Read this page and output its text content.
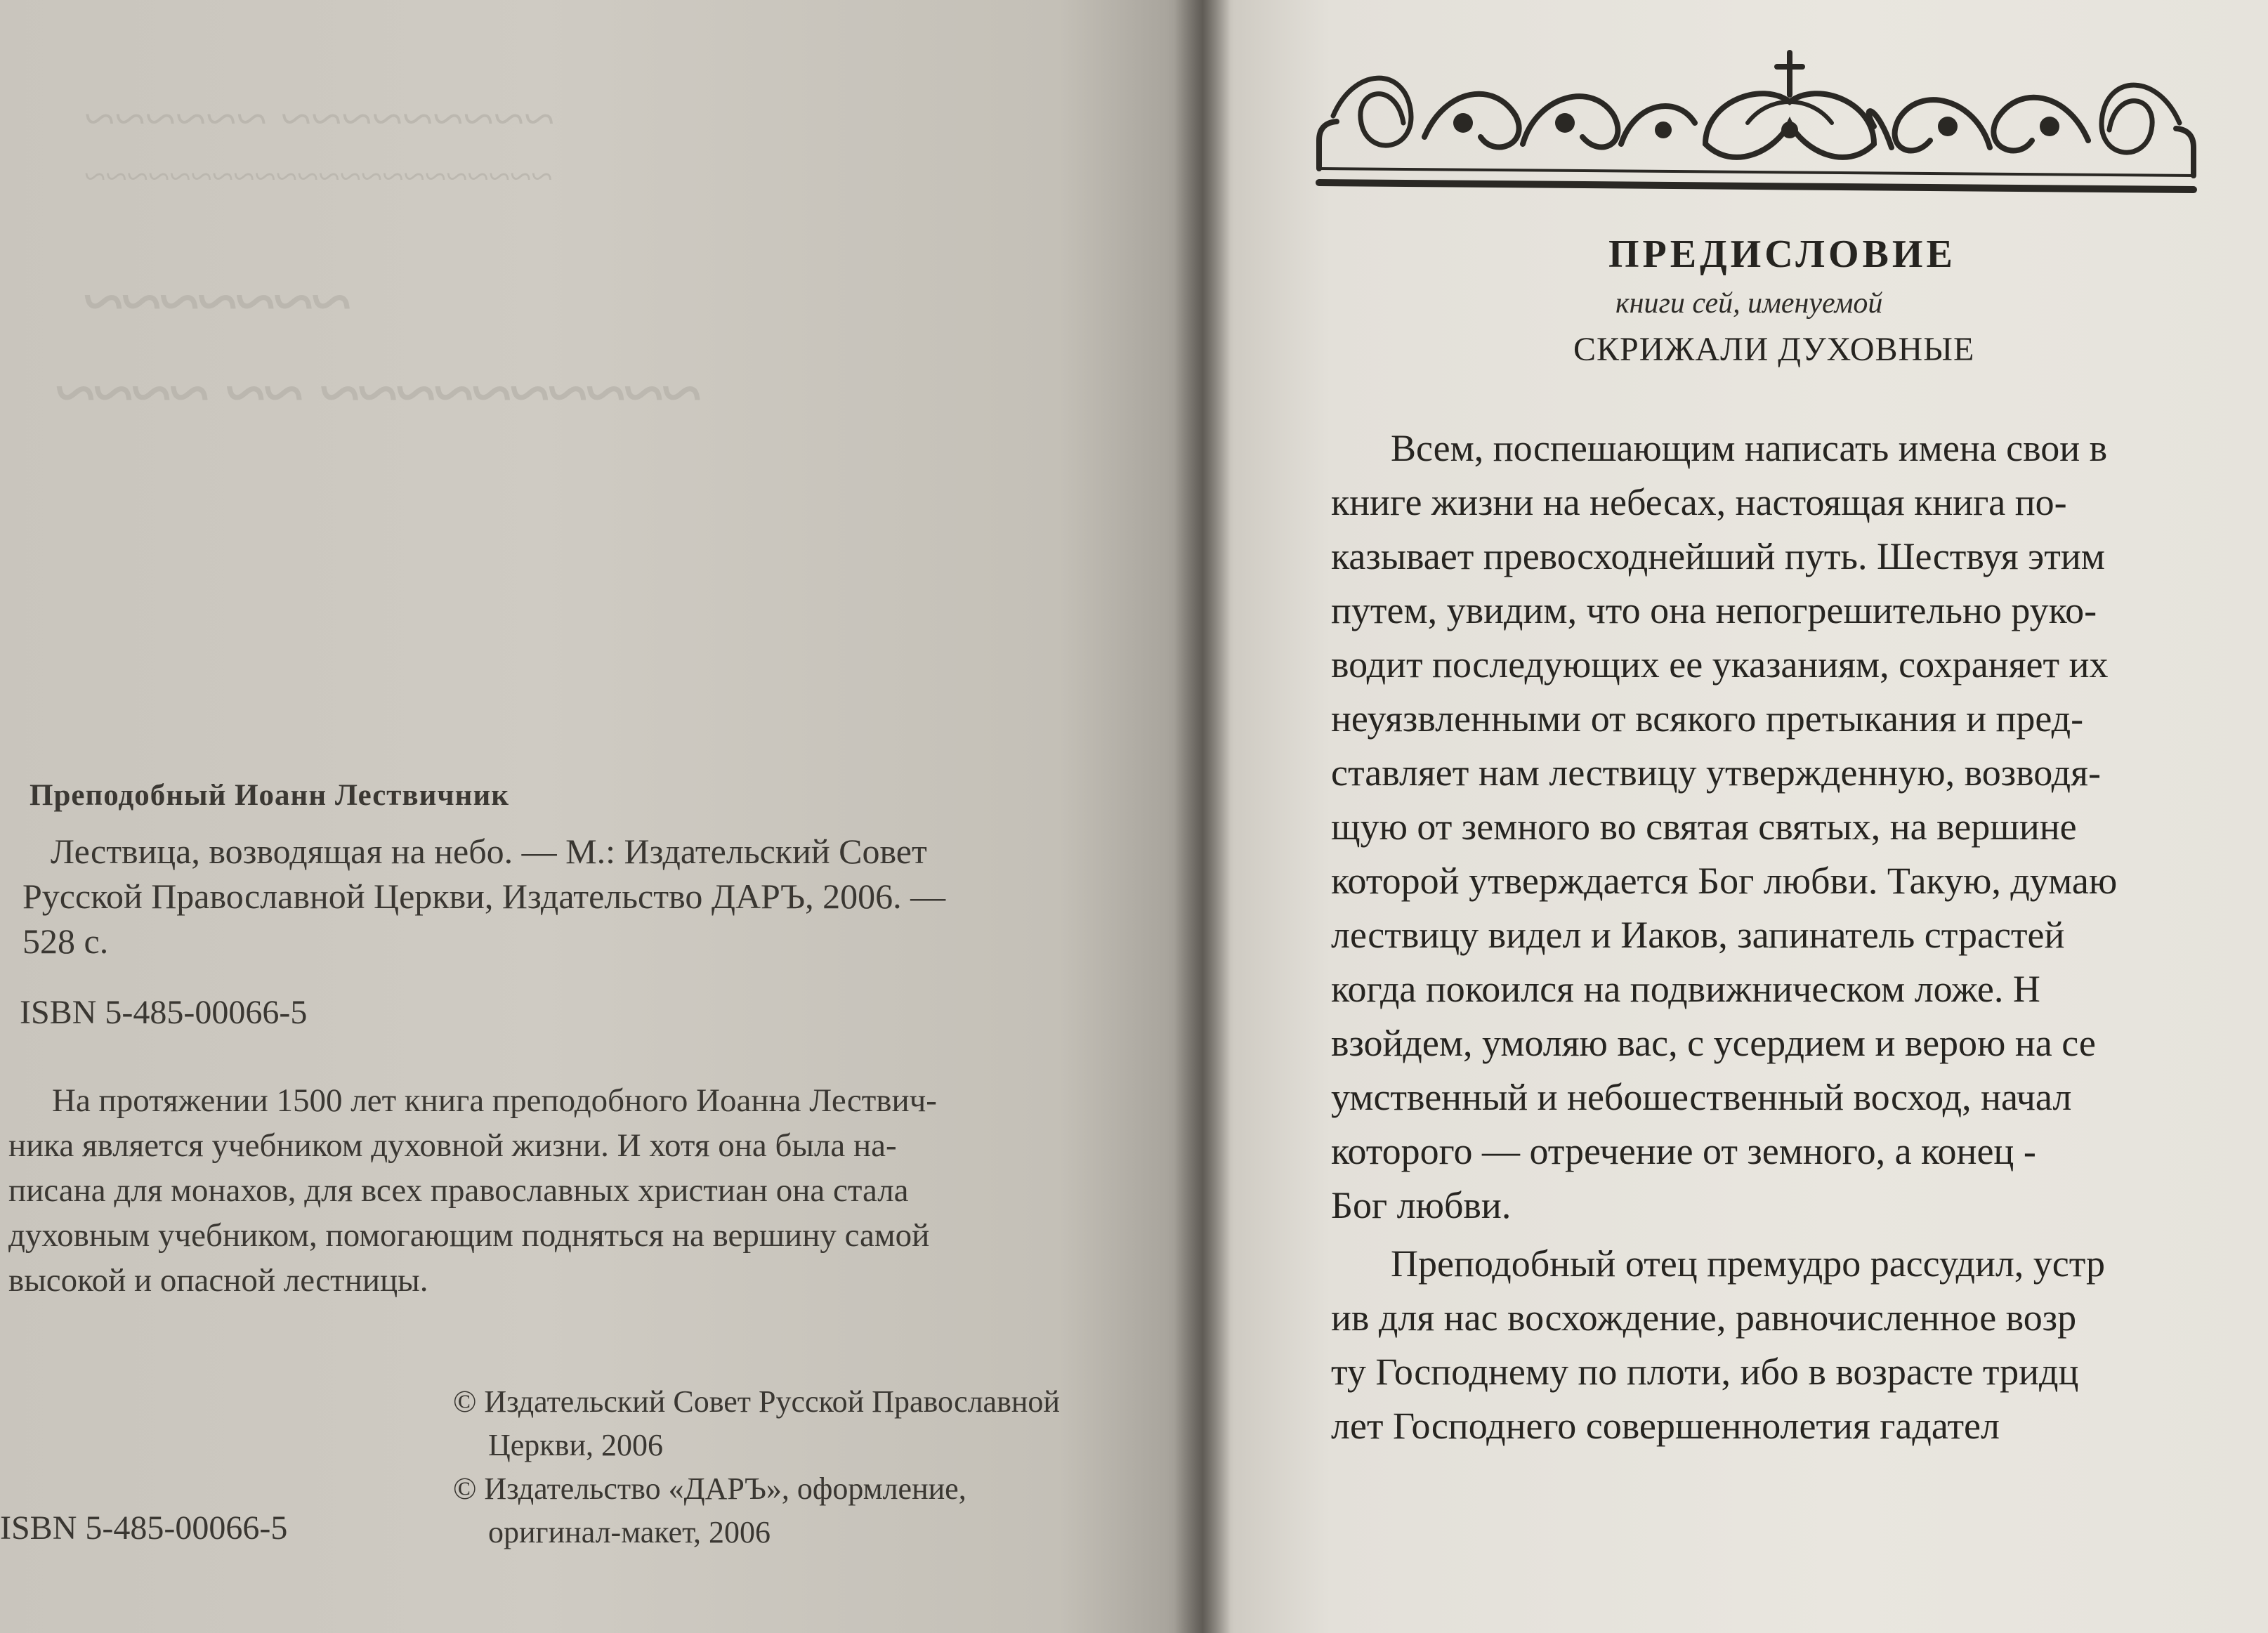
~~~~~~~~~ ~~~~~~
~~~~~~~~~~~~~~~~~~~~~~
~~~~~~~
~~~~~~~~~~ ~~ ~~~~
Преподобный Иоанн Лествичник
Лествица, возводящая на небо. — М.: Издательский Совет
Русской Православной Церкви, Издательство ДАРЪ, 2006. —
528 с.
ISBN 5-485-00066-5
На протяжении 1500 лет книга преподобного Иоанна Лествич-
ника является учебником духовной жизни. И хотя она была на-
писана для монахов, для всех православных христиан она стала
духовным учебником, помогающим подняться на вершину самой
высокой и опасной лестницы.
© Издательский Совет Русской Православной
Церкви, 2006
© Издательство «ДАРЪ», оформление,
оригинал-макет, 2006
ISBN 5-485-00066-5
ПРЕДИСЛОВИЕ
книги сей, именуемой
СКРИЖАЛИ ДУХОВНЫЕ
Всем, поспешающим написать имена свои в
книге жизни на небесах, настоящая книга по-
казывает превосходнейший путь. Шествуя этим
путем, увидим, что она непогрешительно руко-
водит последующих ее указаниям, сохраняет их
неуязвленными от всякого претыкания и пред-
ставляет нам лествицу утвержденную, возводя-
щую от земного во святая святых, на вершине
которой утверждается Бог любви. Такую, думаю
лествицу видел и Иаков, запинатель страстей
когда покоился на подвижническом ложе. Н
взойдем, умоляю вас, с усердием и верою на се
умственный и небошественный восход, начал
которого — отречение от земного, а конец -
Бог любви.
Преподобный отец премудро рассудил, устр
ив для нас восхождение, равночисленное возр
ту Господнему по плоти, ибо в возрасте тридц
лет Господнего совершеннолетия гадател
